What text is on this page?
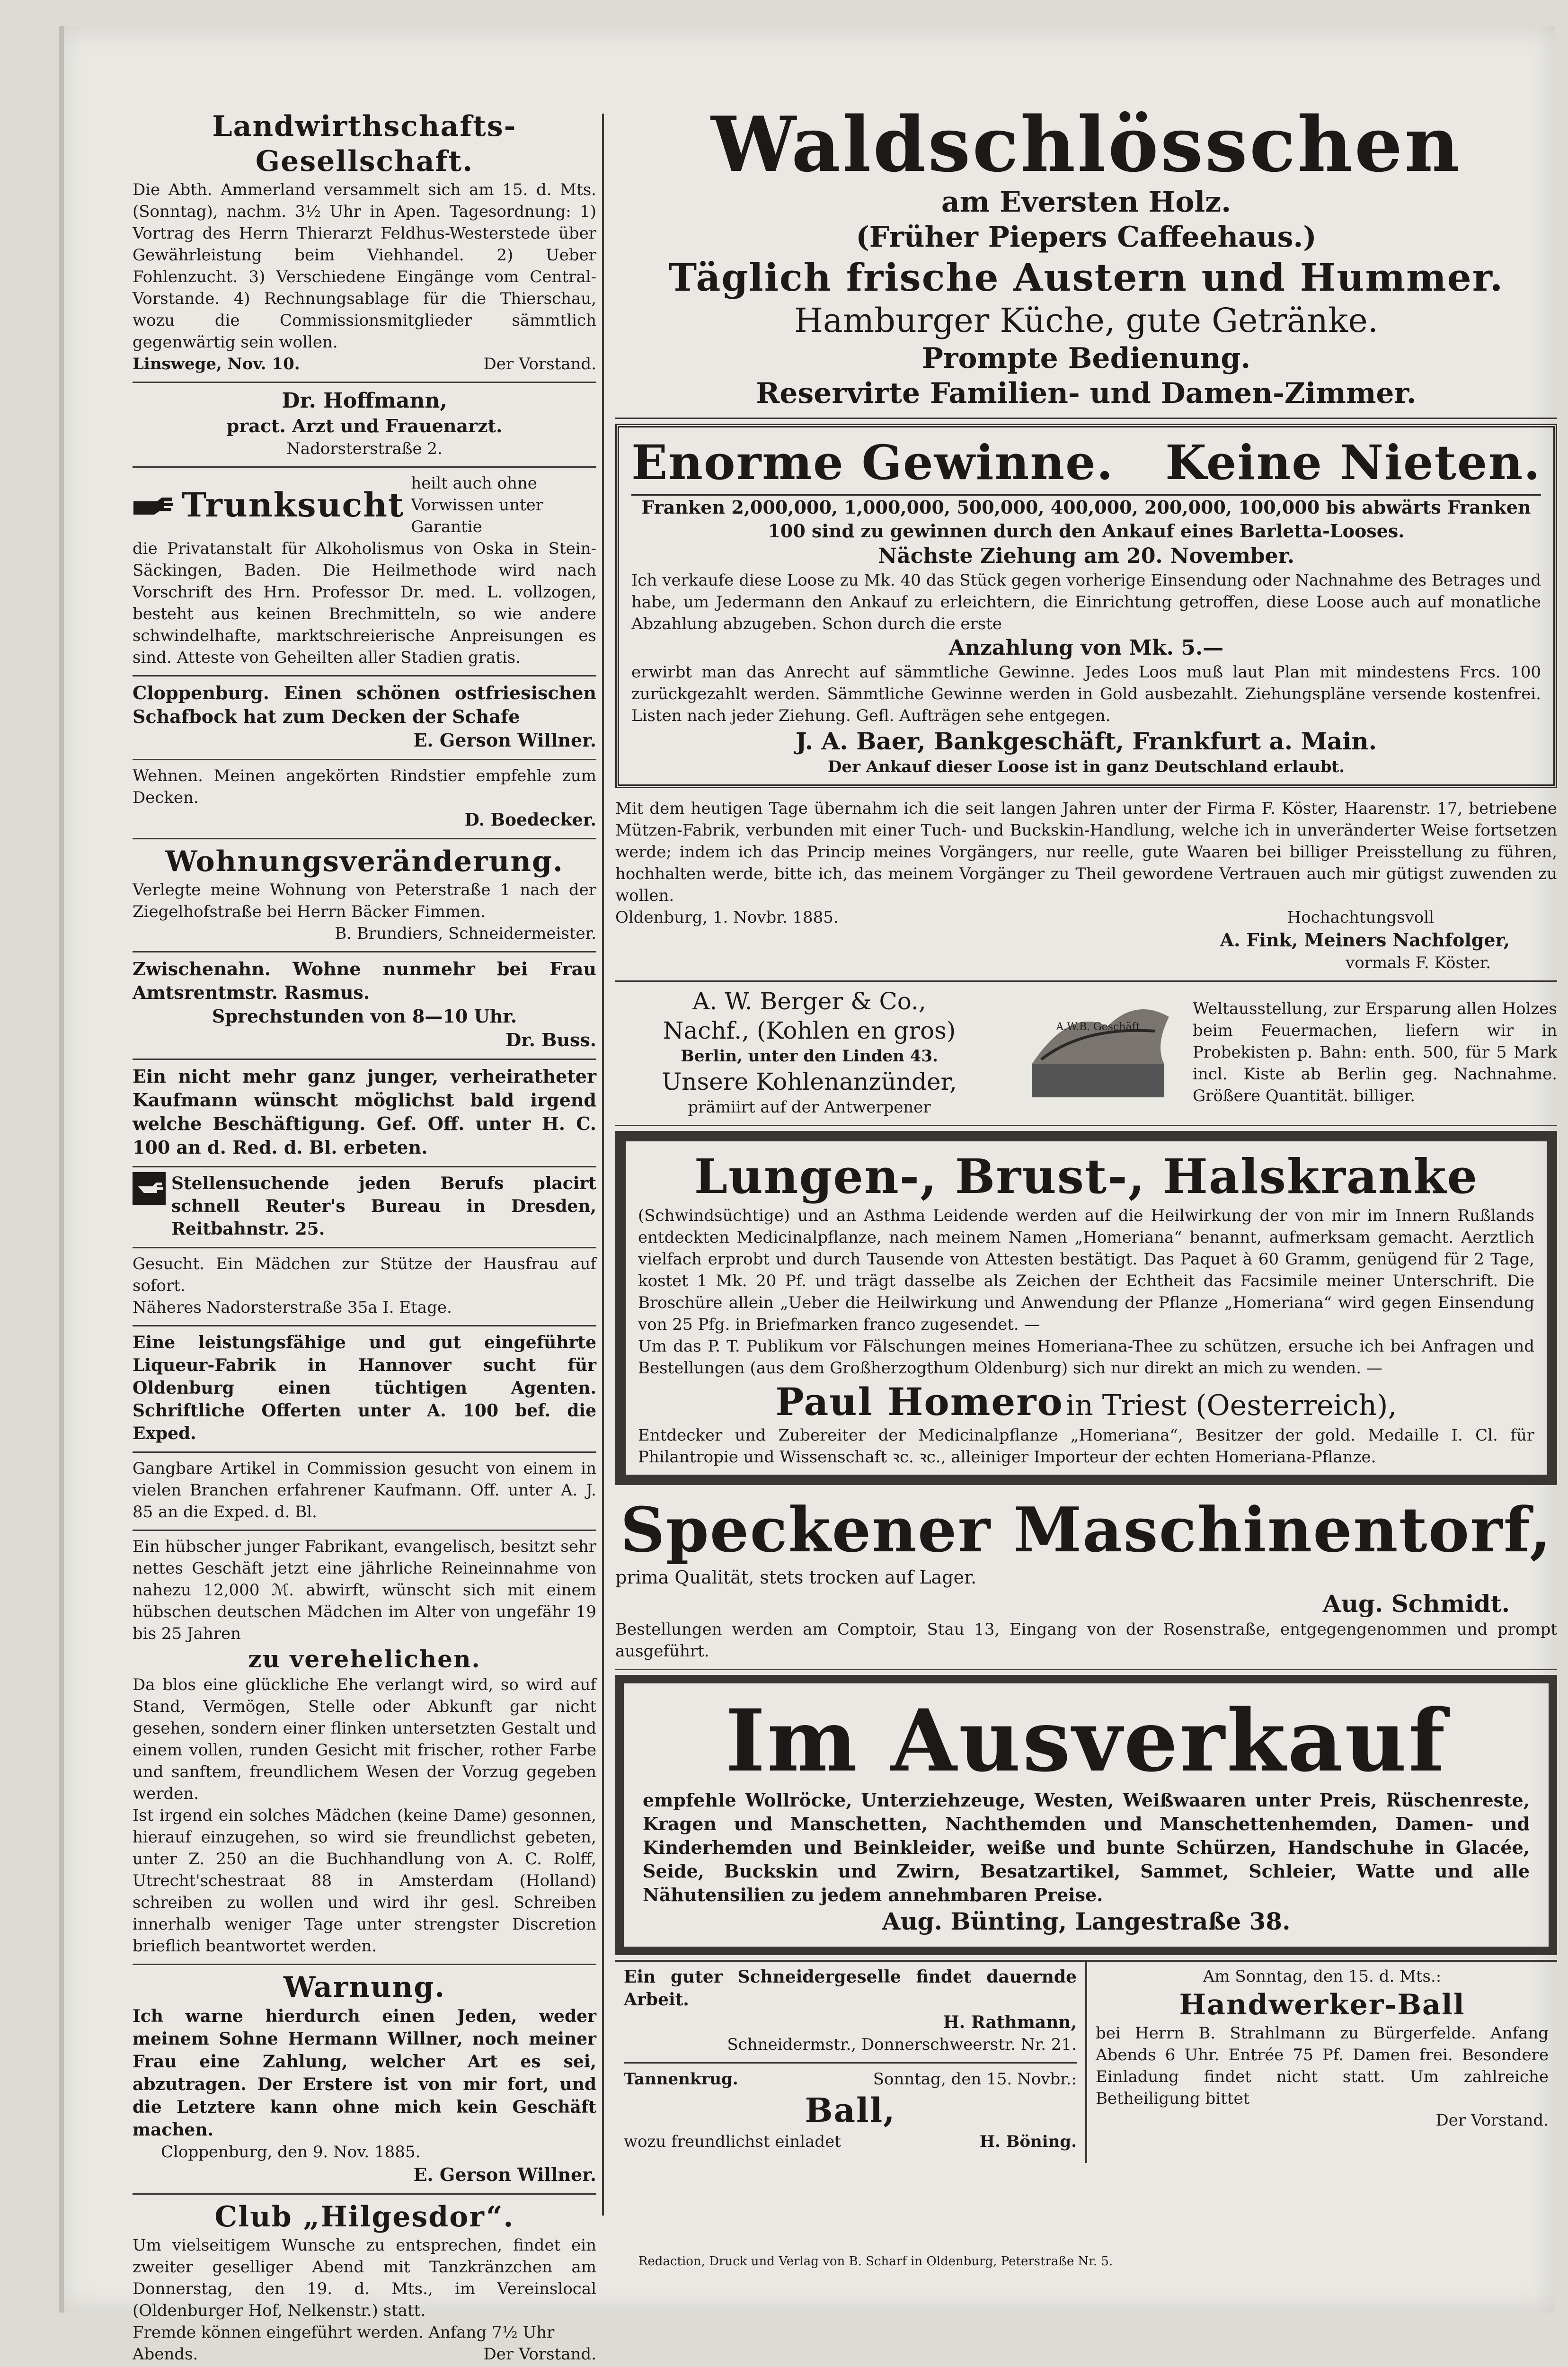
Landwirthschafts-Gesellschaft.
Die Abth. Ammerland versammelt sich am 15. d. Mts. (Sonntag), nachm. 3½ Uhr in Apen. Tagesordnung: 1) Vortrag des Herrn Thierarzt Feldhus-Westerstede über Gewährleistung beim Viehhandel. 2) Ueber Fohlenzucht. 3) Verschiedene Eingänge vom Central-Vorstande. 4) Rechnungsablage für die Thierschau, wozu die Commissionsmitglieder sämmtlich gegenwärtig sein wollen.
Linswege, Nov. 10.	Der Vorstand.
Dr. Hoffmann,
pract. Arzt und Frauenarzt.
Nadorsterstraße 2.
Trunksucht
heilt auch ohne Vorwissen unter Garantie
die Privatanstalt für Alkoholismus von Oska in Stein-Säckingen, Baden. Die Heilmethode wird nach Vorschrift des Hrn. Professor Dr. med. L. vollzogen, besteht aus keinen Brechmitteln, so wie andere schwindelhafte, marktschreierische Anpreisungen es sind. Atteste von Geheilten aller Stadien gratis.
Cloppenburg. Einen schönen ostfriesischen Schafbock hat zum Decken der Schafe
E. Gerson Willner.
Wehnen. Meinen angekörten Rindstier empfehle zum Decken.
D. Boedecker.
Wohnungsveränderung.
Verlegte meine Wohnung von Peterstraße 1 nach der Ziegelhofstraße bei Herrn Bäcker Fimmen.
B. Brundiers, Schneidermeister.
Zwischenahn. Wohne nunmehr bei Frau Amtsrentmstr. Rasmus.
Sprechstunden von 8—10 Uhr.
Dr. Buss.
Ein nicht mehr ganz junger, verheiratheter Kaufmann wünscht möglichst bald irgend welche Beschäftigung. Gef. Off. unter H. C. 100 an d. Red. d. Bl. erbeten.
Stellensuchende jeden Berufs placirt schnell Reuter's Bureau in Dresden, Reitbahnstr. 25.
Gesucht. Ein Mädchen zur Stütze der Hausfrau auf sofort.
Näheres Nadorsterstraße 35a I. Etage.
Eine leistungsfähige und gut eingeführte Liqueur-Fabrik in Hannover sucht für Oldenburg einen tüchtigen Agenten. Schriftliche Offerten unter A. 100 bef. die Exped.
Gangbare Artikel in Commission gesucht von einem in vielen Branchen erfahrener Kaufmann. Off. unter A. J. 85 an die Exped. d. Bl.
Ein hübscher junger Fabrikant, evangelisch, besitzt sehr nettes Geschäft jetzt eine jährliche Reineinnahme von nahezu 12,000 ℳ. abwirft, wünscht sich mit einem hübschen deutschen Mädchen im Alter von ungefähr 19 bis 25 Jahren
zu verehelichen.
Da blos eine glückliche Ehe verlangt wird, so wird auf Stand, Vermögen, Stelle oder Abkunft gar nicht gesehen, sondern einer flinken untersetzten Gestalt und einem vollen, runden Gesicht mit frischer, rother Farbe und sanftem, freundlichem Wesen der Vorzug gegeben werden.
Ist irgend ein solches Mädchen (keine Dame) gesonnen, hierauf einzugehen, so wird sie freundlichst gebeten, unter Z. 250 an die Buchhandlung von A. C. Rolff, Utrecht'schestraat 88 in Amsterdam (Holland) schreiben zu wollen und wird ihr gesl. Schreiben innerhalb weniger Tage unter strengster Discretion brieflich beantwortet werden.
Warnung.
Ich warne hierdurch einen Jeden, weder meinem Sohne Hermann Willner, noch meiner Frau eine Zahlung, welcher Art es sei, abzutragen. Der Erstere ist von mir fort, und die Letztere kann ohne mich kein Geschäft machen.
Cloppenburg, den 9. Nov. 1885.
E. Gerson Willner.
Club „Hilgesdor“.
Um vielseitigem Wunsche zu entsprechen, findet ein zweiter geselliger Abend mit Tanzkränzchen am Donnerstag, den 19. d. Mts., im Vereinslocal (Oldenburger Hof, Nelkenstr.) statt.
Fremde können eingeführt werden. Anfang 7½ Uhr
Abends.	Der Vorstand.
Waldschlösschen
am Eversten Holz.
(Früher Piepers Caffeehaus.)
Täglich frische Austern und Hummer.
Hamburger Küche, gute Getränke.
Prompte Bedienung.
Reservirte Familien- und Damen-Zimmer.
Enorme Gewinne. Keine Nieten.
Franken 2,000,000, 1,000,000, 500,000, 400,000, 200,000, 100,000 bis abwärts Franken 100 sind zu gewinnen durch den Ankauf eines Barletta-Looses.
Nächste Ziehung am 20. November.
Ich verkaufe diese Loose zu Mk. 40 das Stück gegen vorherige Einsendung oder Nachnahme des Betrages und habe, um Jedermann den Ankauf zu erleichtern, die Einrichtung getroffen, diese Loose auch auf monatliche Abzahlung abzugeben. Schon durch die erste
Anzahlung von Mk. 5.—
erwirbt man das Anrecht auf sämmtliche Gewinne. Jedes Loos muß laut Plan mit mindestens Frcs. 100 zurückgezahlt werden. Sämmtliche Gewinne werden in Gold ausbezahlt. Ziehungspläne versende kostenfrei. Listen nach jeder Ziehung. Gefl. Aufträgen sehe entgegen.
J. A. Baer, Bankgeschäft, Frankfurt a. Main.
Der Ankauf dieser Loose ist in ganz Deutschland erlaubt.
Mit dem heutigen Tage übernahm ich die seit langen Jahren unter der Firma F. Köster, Haarenstr. 17, betriebene Mützen-Fabrik, verbunden mit einer Tuch- und Buckskin-Handlung, welche ich in unveränderter Weise fortsetzen werde; indem ich das Princip meines Vorgängers, nur reelle, gute Waaren bei billiger Preisstellung zu führen, hochhalten werde, bitte ich, das meinem Vorgänger zu Theil gewordene Vertrauen auch mir gütigst zuwenden zu wollen.
Oldenburg, 1. Novbr. 1885.	Hochachtungsvoll
A. Fink, Meiners Nachfolger,
vormals F. Köster.
A. W. Berger & Co.,
Nachf., (Kohlen en gros)
Berlin, unter den Linden 43.
Unsere Kohlenanzünder,
prämiirt auf der Antwerpener
A.W.B. Geschäft
Weltausstellung, zur Ersparung allen Holzes beim Feuermachen, liefern wir in Probekisten p. Bahn: enth. 500, für 5 Mark incl. Kiste ab Berlin geg. Nachnahme. Größere Quantität. billiger.
Lungen-, Brust-, Halskranke
(Schwindsüchtige) und an Asthma Leidende werden auf die Heilwirkung der von mir im Innern Rußlands entdeckten Medicinalpflanze, nach meinem Namen „Homeriana“ benannt, aufmerksam gemacht. Aerztlich vielfach erprobt und durch Tausende von Attesten bestätigt. Das Paquet à 60 Gramm, genügend für 2 Tage, kostet 1 Mk. 20 Pf. und trägt dasselbe als Zeichen der Echtheit das Facsimile meiner Unterschrift. Die Broschüre allein „Ueber die Heilwirkung und Anwendung der Pflanze „Homeriana“ wird gegen Einsendung von 25 Pfg. in Briefmarken franco zugesendet. —
Um das P. T. Publikum vor Fälschungen meines Homeriana-Thee zu schützen, ersuche ich bei Anfragen und Bestellungen (aus dem Großherzogthum Oldenburg) sich nur direkt an mich zu wenden. —
Paul Homero in Triest (Oesterreich),
Entdecker und Zubereiter der Medicinalpflanze „Homeriana“, Besitzer der gold. Medaille I. Cl. für Philantropie und Wissenschaft ꝛc. ꝛc., alleiniger Importeur der echten Homeriana-Pflanze.
Speckener Maschinentorf,
prima Qualität, stets trocken auf Lager.
Aug. Schmidt.
Bestellungen werden am Comptoir, Stau 13, Eingang von der Rosenstraße, entgegengenommen und prompt ausgeführt.
Im Ausverkauf
empfehle Wollröcke, Unterziehzeuge, Westen, Weißwaaren unter Preis, Rüschenreste, Kragen und Manschetten, Nachthemden und Manschettenhemden, Damen- und Kinderhemden und Beinkleider, weiße und bunte Schürzen, Handschuhe in Glacée, Seide, Buckskin und Zwirn, Besatzartikel, Sammet, Schleier, Watte und alle Nähutensilien zu jedem annehmbaren Preise.
Aug. Bünting, Langestraße 38.
Ein guter Schneidergeselle findet dauernde Arbeit.
H. Rathmann,
Schneidermstr., Donnerschweerstr. Nr. 21.
Tannenkrug.	Sonntag, den 15. Novbr.:
Ball,
wozu freundlichst einladet	H. Böning.
Am Sonntag, den 15. d. Mts.:
Handwerker-Ball
bei Herrn B. Strahlmann zu Bürgerfelde. Anfang Abends 6 Uhr. Entrée 75 Pf. Damen frei. Besondere Einladung findet nicht statt. Um zahlreiche Betheiligung bittet
Der Vorstand.
Redaction, Druck und Verlag von B. Scharf in Oldenburg, Peterstraße Nr. 5.
